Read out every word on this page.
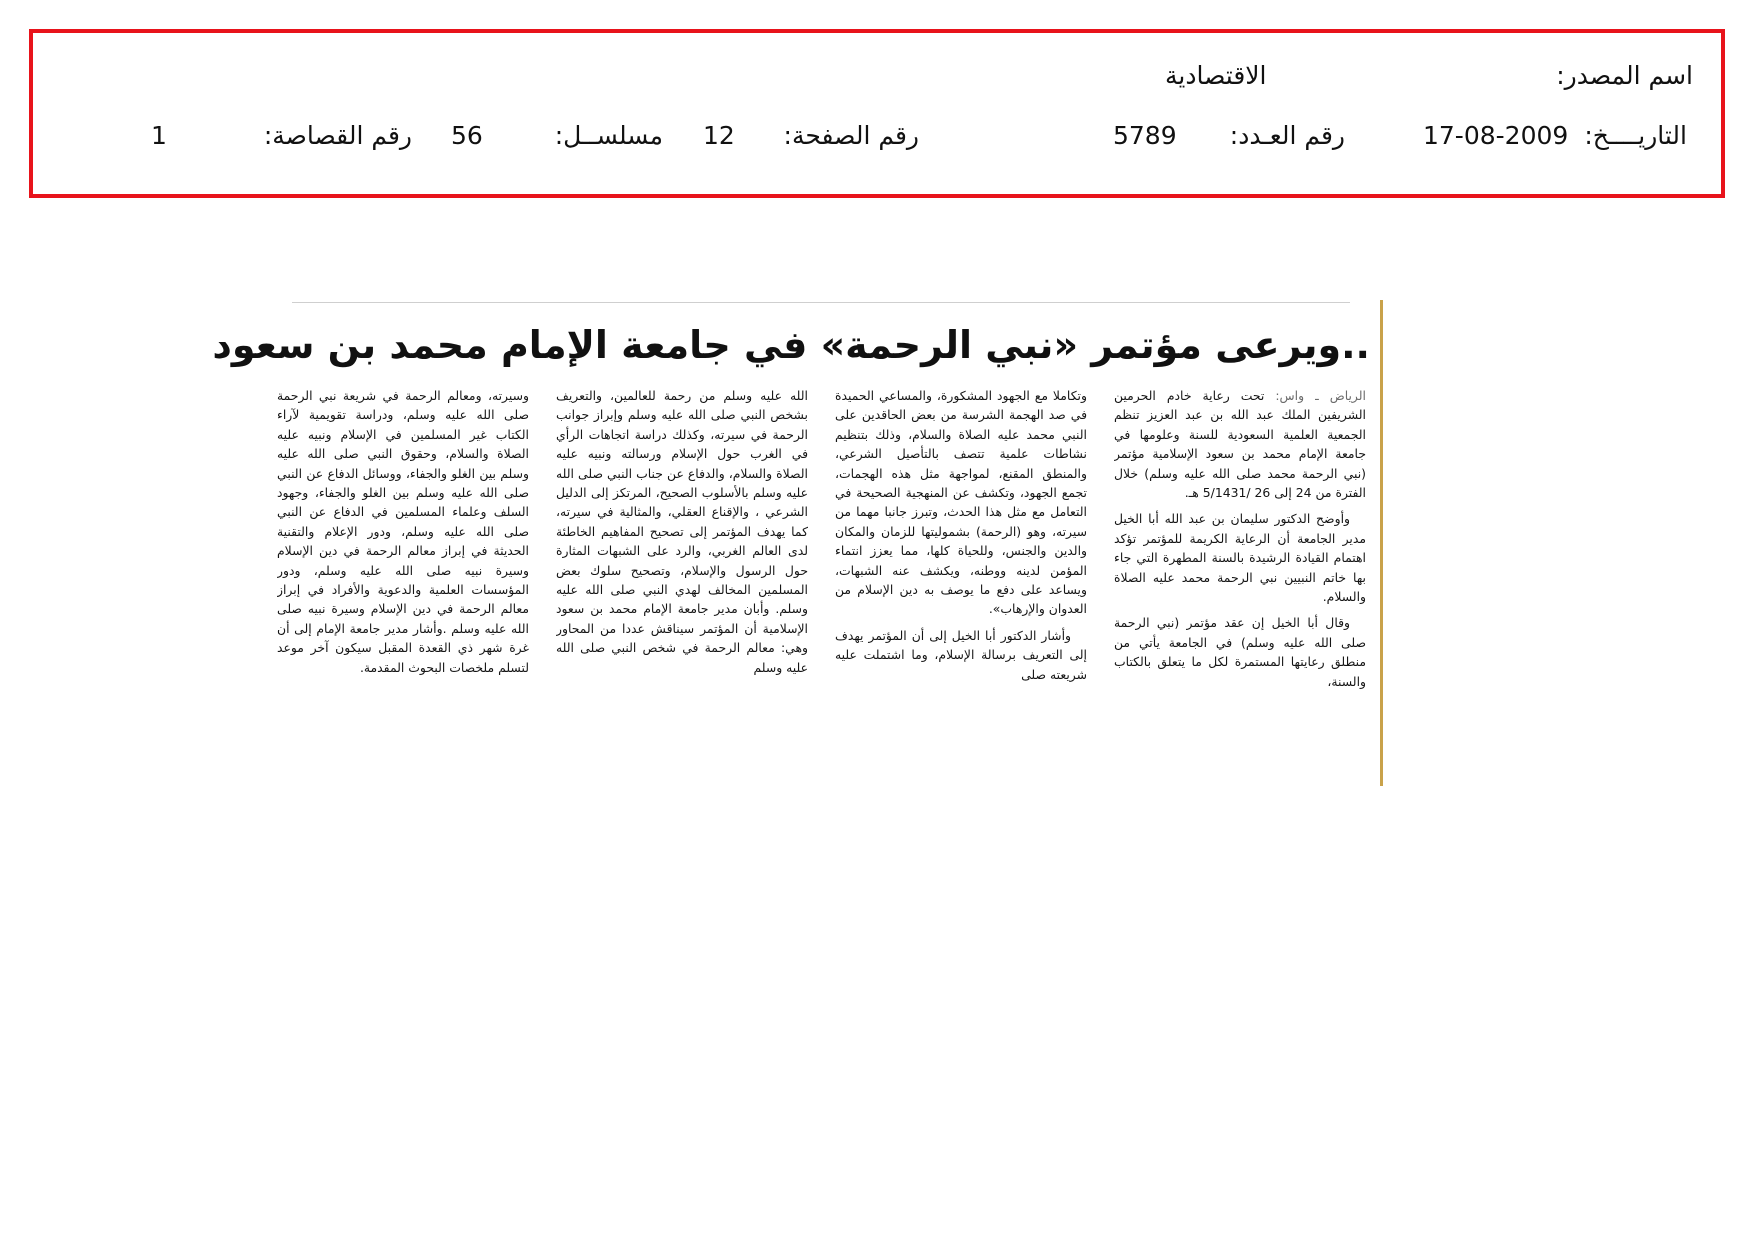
اسم المصدر:
الاقتصادية
التاريــــخ:
17-08-2009
رقم العـدد:
5789
رقم الصفحة:
12
مسلســل:
56
رقم القصاصة:
1
..ويرعى مؤتمر «نبي الرحمة» في جامعة الإمام محمد بن سعود

الرياض ـ واس: تحت رعاية خادم الحرمين الشريفين الملك عبد الله بن عبد العزيز تنظم الجمعية العلمية السعودية للسنة وعلومها في جامعة الإمام محمد بن سعود الإسلامية مؤتمر (نبي الرحمة محمد صلى الله عليه وسلم) خلال الفترة من 24 إلى 26 /5/1431 هـ.

وأوضح الدكتور سليمان بن عبد الله أبا الخيل مدير الجامعة أن الرعاية الكريمة للمؤتمر تؤكد اهتمام القيادة الرشيدة بالسنة المطهرة التي جاء بها خاتم النبيين نبي الرحمة محمد عليه الصلاة والسلام.

وقال أبا الخيل إن عقد مؤتمر (نبي الرحمة صلى الله عليه وسلم) في الجامعة يأتي من منطلق رعايتها المستمرة لكل ما يتعلق بالكتاب والسنة،

وتكاملا مع الجهود المشكورة، والمساعي الحميدة في صد الهجمة الشرسة من بعض الحاقدين على النبي محمد عليه الصلاة والسلام، وذلك بتنظيم نشاطات علمية تتصف بالتأصيل الشرعي، والمنطق المقنع، لمواجهة مثل هذه الهجمات، تجمع الجهود، وتكشف عن المنهجية الصحيحة في التعامل مع مثل هذا الحدث، وتبرز جانبا مهما من سيرته، وهو (الرحمة) بشموليتها للزمان والمكان والدين والجنس، وللحياة كلها، مما يعزز انتماء المؤمن لدينه ووطنه، ويكشف عنه الشبهات، ويساعد على دفع ما يوصف به دين الإسلام من العدوان والإرهاب».

وأشار الدكتور أبا الخيل إلى أن المؤتمر يهدف إلى التعريف برسالة الإسلام، وما اشتملت عليه شريعته صلى

الله عليه وسلم من رحمة للعالمين، والتعريف بشخص النبي صلى الله عليه وسلم وإبراز جوانب الرحمة في سيرته، وكذلك دراسة اتجاهات الرأي في الغرب حول الإسلام ورسالته ونبيه عليه الصلاة والسلام، والدفاع عن جناب النبي صلى الله عليه وسلم بالأسلوب الصحيح، المرتكز إلى الدليل الشرعي ، والإقناع العقلي، والمثالية في سيرته، كما يهدف المؤتمر إلى تصحيح المفاهيم الخاطئة لدى العالم الغربي، والرد على الشبهات المثارة حول الرسول والإسلام، وتصحيح سلوك بعض المسلمين المخالف لهدي النبي صلى الله عليه وسلم. وأبان مدير جامعة الإمام محمد بن سعود الإسلامية أن المؤتمر سيناقش عددا من المحاور وهي: معالم الرحمة في شخص النبي صلى الله عليه وسلم

وسيرته، ومعالم الرحمة في شريعة نبي الرحمة صلى الله عليه وسلم، ودراسة تقويمية لآراء الكتاب غير المسلمين في الإسلام ونبيه عليه الصلاة والسلام، وحقوق النبي صلى الله عليه وسلم بين الغلو والجفاء، ووسائل الدفاع عن النبي صلى الله عليه وسلم بين الغلو والجفاء، وجهود السلف وعلماء المسلمين في الدفاع عن النبي صلى الله عليه وسلم، ودور الإعلام والتقنية الحديثة في إبراز معالم الرحمة في دين الإسلام وسيرة نبيه صلى الله عليه وسلم، ودور المؤسسات العلمية والدعوية والأفراد في إبراز معالم الرحمة في دين الإسلام وسيرة نبيه صلى الله عليه وسلم .وأشار مدير جامعة الإمام إلى أن غرة شهر ذي القعدة المقبل سيكون آخر موعد لتسلم ملخصات البحوث المقدمة.
